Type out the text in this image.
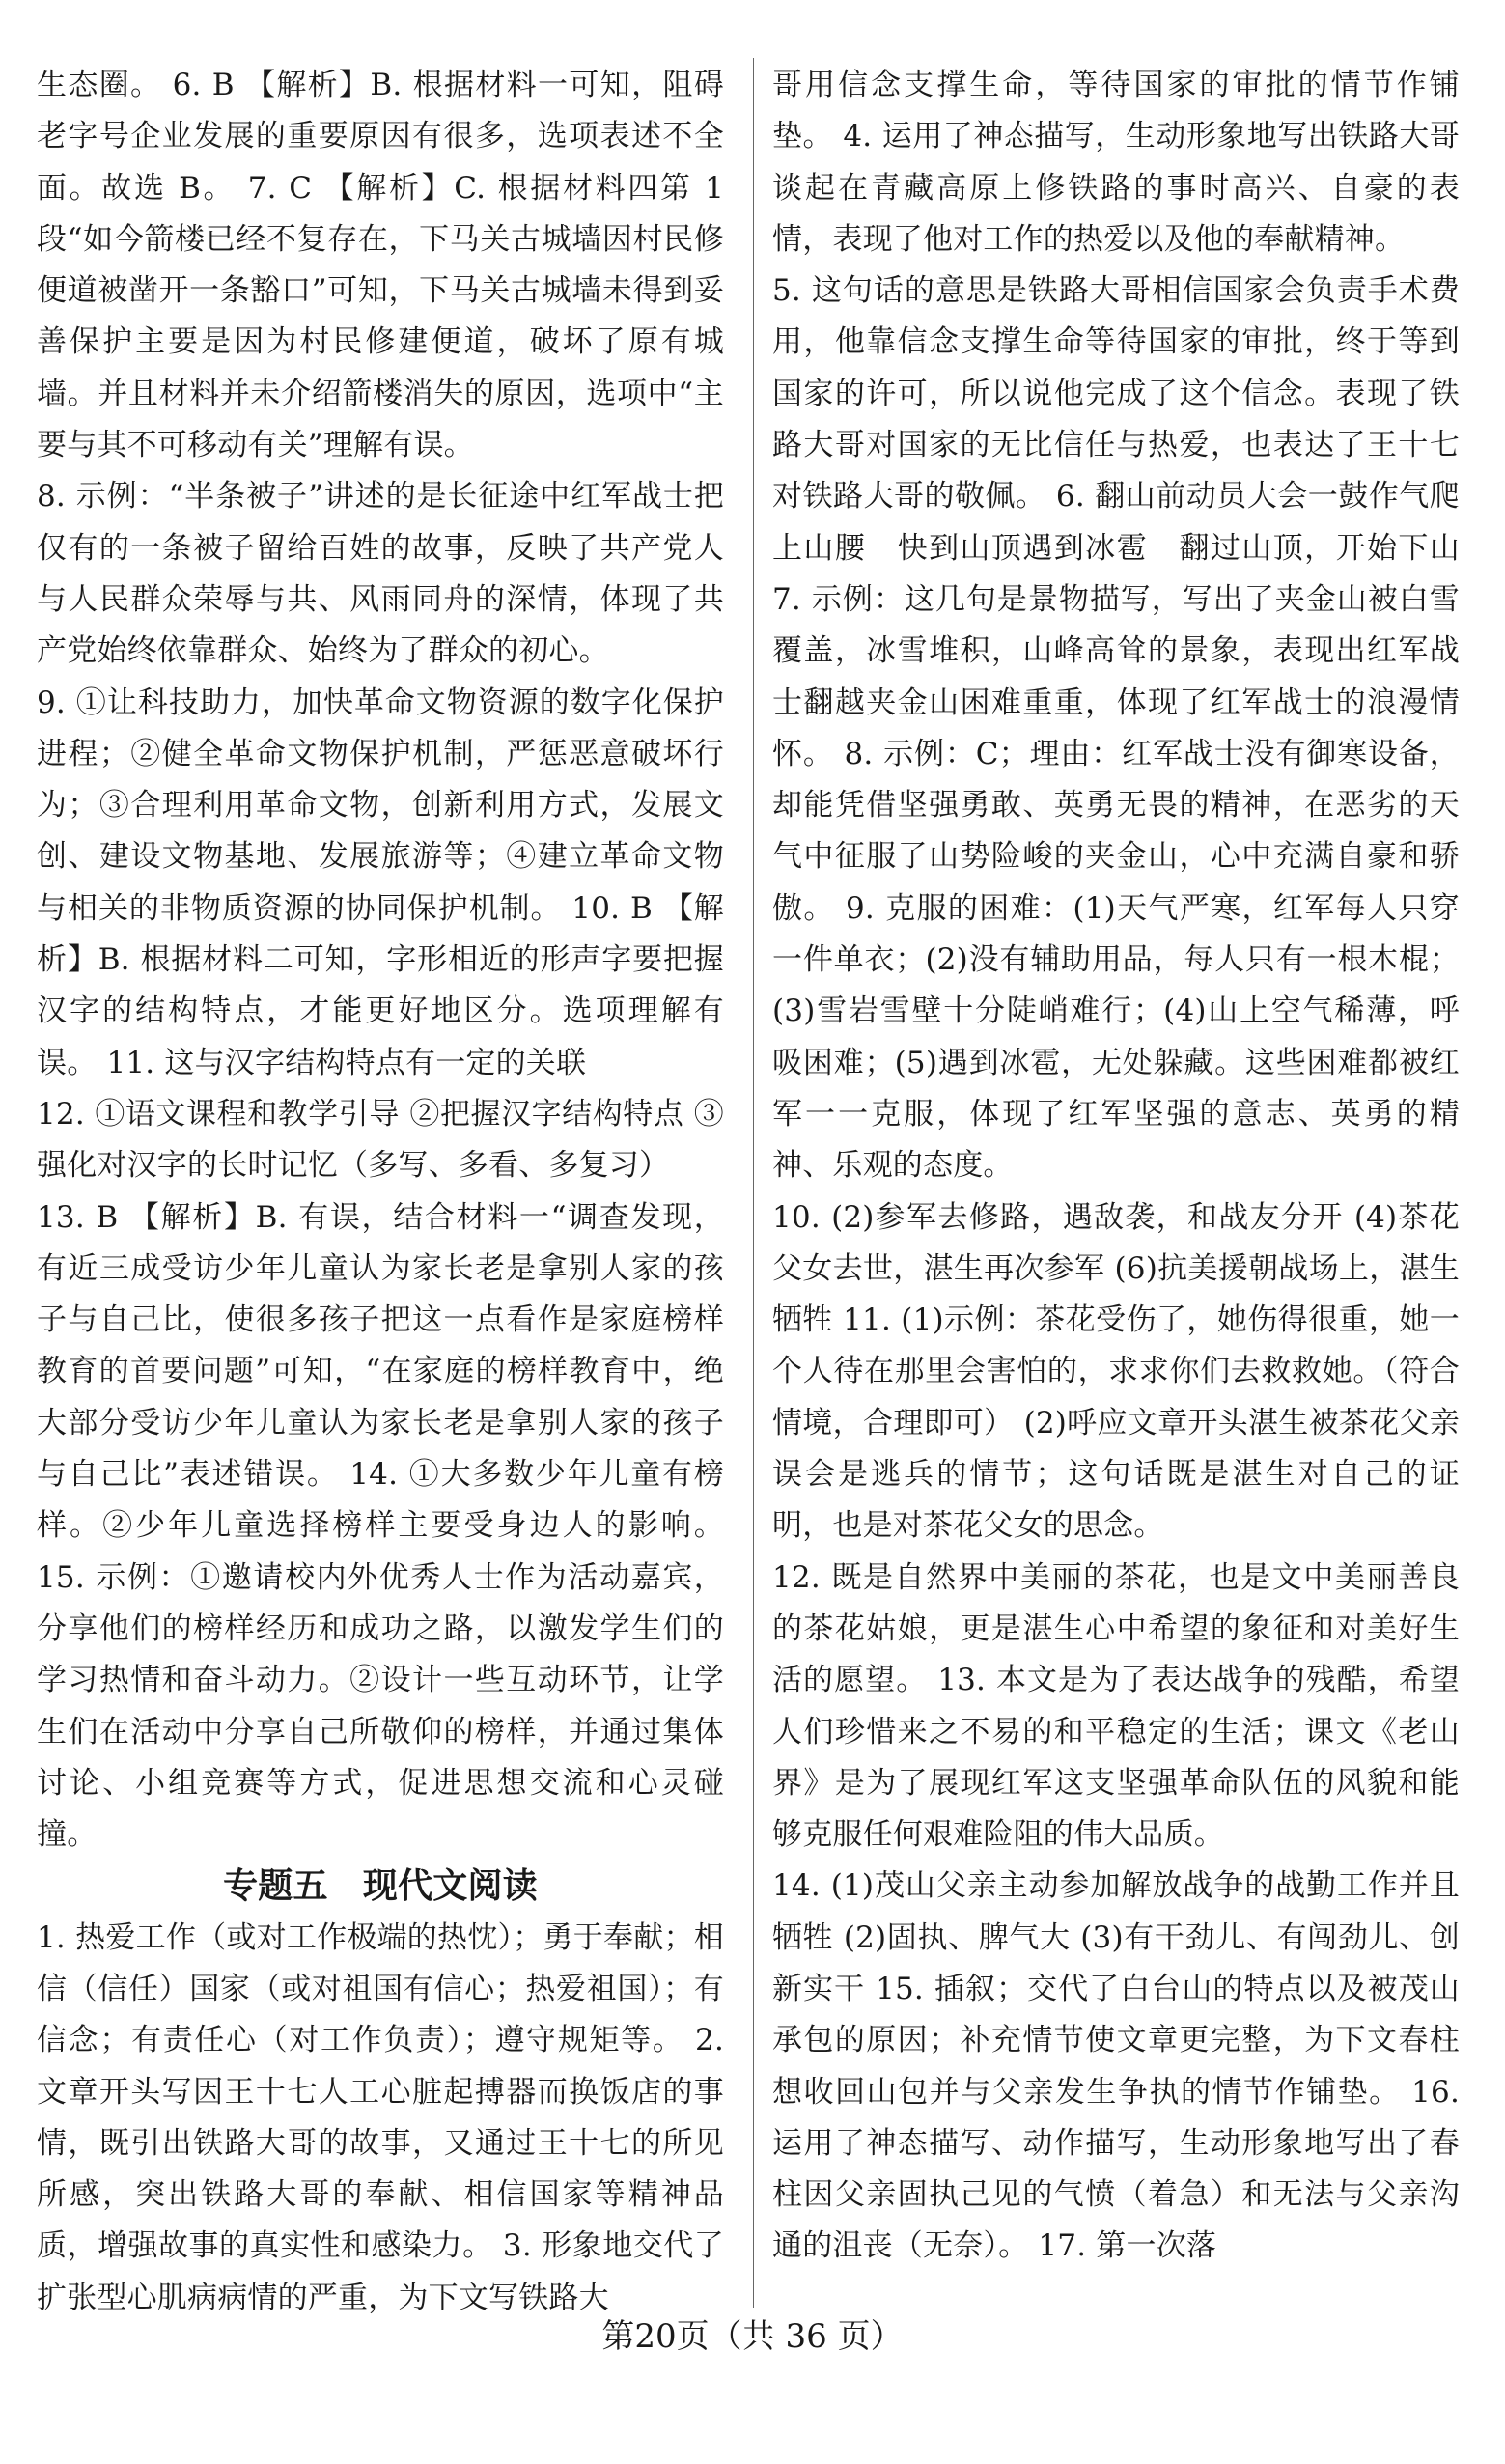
生态圈。 6. B 【解析】B. 根据材料一可知，阻碍老字号企业发展的重要原因有很多，选项表述不全面。故选 B。 7. C 【解析】C. 根据材料四第 1 段“如今箭楼已经不复存在，下马关古城墙因村民修便道被凿开一条豁口”可知，下马关古城墙未得到妥善保护主要是因为村民修建便道，破坏了原有城墙。并且材料并未介绍箭楼消失的原因，选项中“主要与其不可移动有关”理解有误。

8. 示例：“半条被子”讲述的是长征途中红军战士把仅有的一条被子留给百姓的故事，反映了共产党人与人民群众荣辱与共、风雨同舟的深情，体现了共产党始终依靠群众、始终为了群众的初心。

9. ①让科技助力，加快革命文物资源的数字化保护进程；②健全革命文物保护机制，严惩恶意破坏行为；③合理利用革命文物，创新利用方式，发展文创、建设文物基地、发展旅游等；④建立革命文物与相关的非物质资源的协同保护机制。 10. B 【解析】B. 根据材料二可知，字形相近的形声字要把握汉字的结构特点，才能更好地区分。选项理解有误。 11. 这与汉字结构特点有一定的关联

12. ①语文课程和教学引导 ②把握汉字结构特点 ③强化对汉字的长时记忆（多写、多看、多复习）

13. B 【解析】B. 有误，结合材料一“调查发现，有近三成受访少年儿童认为家长老是拿别人家的孩子与自己比，使很多孩子把这一点看作是家庭榜样教育的首要问题”可知，“在家庭的榜样教育中，绝大部分受访少年儿童认为家长老是拿别人家的孩子与自己比”表述错误。 14. ①大多数少年儿童有榜样。②少年儿童选择榜样主要受身边人的影响。 15. 示例：①邀请校内外优秀人士作为活动嘉宾，分享他们的榜样经历和成功之路，以激发学生们的学习热情和奋斗动力。②设计一些互动环节，让学生们在活动中分享自己所敬仰的榜样，并通过集体讨论、小组竞赛等方式，促进思想交流和心灵碰撞。

专题五　现代文阅读

1. 热爱工作（或对工作极端的热忱）；勇于奉献；相信（信任）国家（或对祖国有信心；热爱祖国）；有信念；有责任心（对工作负责）；遵守规矩等。 2. 文章开头写因王十七人工心脏起搏器而换饭店的事情，既引出铁路大哥的故事，又通过王十七的所见所感，突出铁路大哥的奉献、相信国家等精神品质，增强故事的真实性和感染力。 3. 形象地交代了扩张型心肌病病情的严重，为下文写铁路大

哥用信念支撑生命，等待国家的审批的情节作铺垫。 4. 运用了神态描写，生动形象地写出铁路大哥谈起在青藏高原上修铁路的事时高兴、自豪的表情，表现了他对工作的热爱以及他的奉献精神。

5. 这句话的意思是铁路大哥相信国家会负责手术费用，他靠信念支撑生命等待国家的审批，终于等到国家的许可，所以说他完成了这个信念。表现了铁路大哥对国家的无比信任与热爱，也表达了王十七对铁路大哥的敬佩。 6. 翻山前动员大会一鼓作气爬上山腰　快到山顶遇到冰雹　翻过山顶，开始下山 7. 示例：这几句是景物描写，写出了夹金山被白雪覆盖，冰雪堆积，山峰高耸的景象，表现出红军战士翻越夹金山困难重重，体现了红军战士的浪漫情怀。 8. 示例：C；理由：红军战士没有御寒设备，却能凭借坚强勇敢、英勇无畏的精神，在恶劣的天气中征服了山势险峻的夹金山，心中充满自豪和骄傲。 9. 克服的困难：(1)天气严寒，红军每人只穿一件单衣；(2)没有辅助用品，每人只有一根木棍；(3)雪岩雪壁十分陡峭难行；(4)山上空气稀薄，呼吸困难；(5)遇到冰雹，无处躲藏。这些困难都被红军一一克服，体现了红军坚强的意志、英勇的精神、乐观的态度。

10. (2)参军去修路，遇敌袭，和战友分开 (4)茶花父女去世，湛生再次参军 (6)抗美援朝战场上，湛生牺牲 11. (1)示例：茶花受伤了，她伤得很重，她一个人待在那里会害怕的，求求你们去救救她。（符合情境，合理即可） (2)呼应文章开头湛生被茶花父亲误会是逃兵的情节；这句话既是湛生对自己的证明，也是对茶花父女的思念。

12. 既是自然界中美丽的茶花，也是文中美丽善良的茶花姑娘，更是湛生心中希望的象征和对美好生活的愿望。 13. 本文是为了表达战争的残酷，希望人们珍惜来之不易的和平稳定的生活；课文《老山界》是为了展现红军这支坚强革命队伍的风貌和能够克服任何艰难险阻的伟大品质。

14. (1)茂山父亲主动参加解放战争的战勤工作并且牺牲 (2)固执、脾气大 (3)有干劲儿、有闯劲儿、创新实干 15. 插叙；交代了白台山的特点以及被茂山承包的原因；补充情节使文章更完整，为下文春柱想收回山包并与父亲发生争执的情节作铺垫。 16. 运用了神态描写、动作描写，生动形象地写出了春柱因父亲固执己见的气愤（着急）和无法与父亲沟通的沮丧（无奈）。 17. 第一次落

第20页（共 36 页）
